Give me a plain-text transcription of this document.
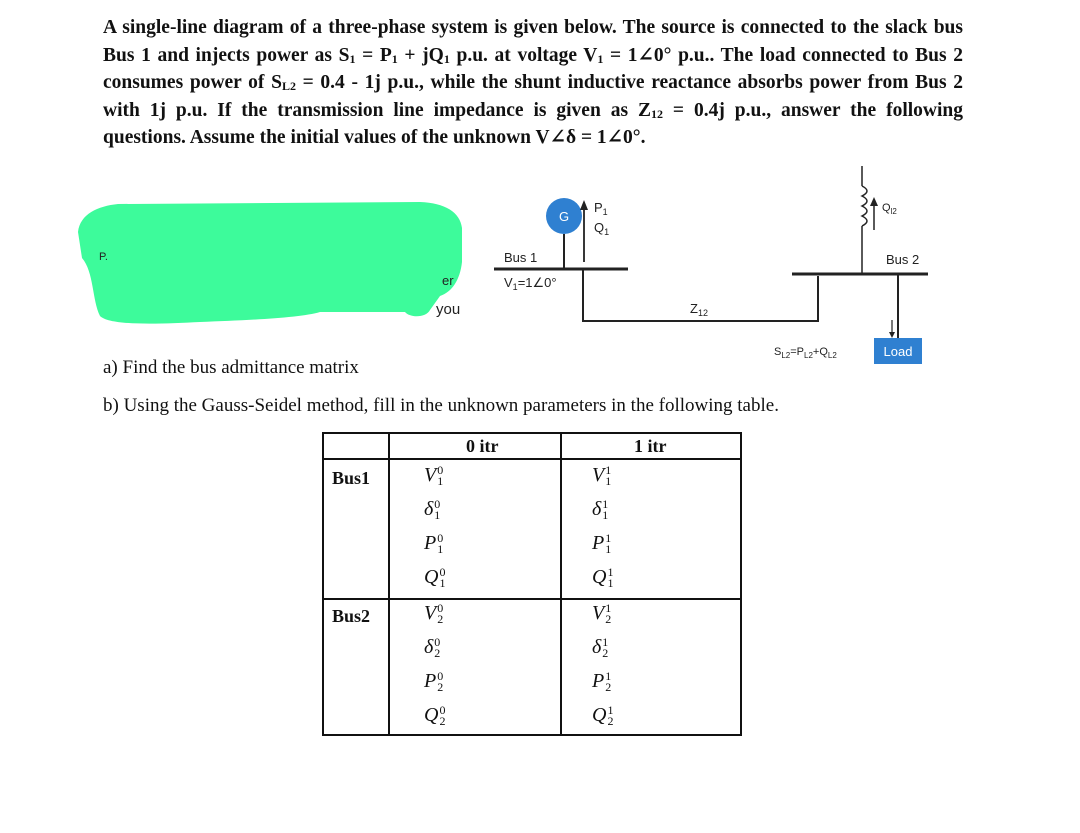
A single-line diagram of a three-phase system is given below. The source is connected to the slack bus Bus 1 and injects power as $S_1 = P_1 + jQ_1$ p.u. at voltage $V_1$ = 1∠0° p.u.. The load connected to Bus 2 consumes power of $S_{L2} = 0.4 - 1j$ p.u., while the shunt inductive reactance absorbs power from Bus 2 with 1j p.u. If the transmission line impedance is given as $Z_{12} = 0.4j$ p.u., answer the following questions. Assume the initial values of the unknown V∠δ = 1∠0°.

P.
er
you
G
$P_1$
$Q_1$
Bus 1
$V_1=1\angle 0^\circ$
$Z_{12}$
Bus 2
$Q_{l2}$
$S_{L2}=P_{L2}+Q_{L2}$	Load
a) Find the bus admittance matrix
b) Using the Gauss-Seidel method, fill in the unknown parameters in the following table.
0 itr	1 itr
Bus1
Bus2
V 0
1
δ 0
1
P 0
1
Q 0
1
V 0
2
δ 0
2
P 0
2
Q 0
2
V 1
1
δ 1
1
P 1
1
Q 1
1
V 1
2
δ 1
2
P 1
2
Q 1
2
